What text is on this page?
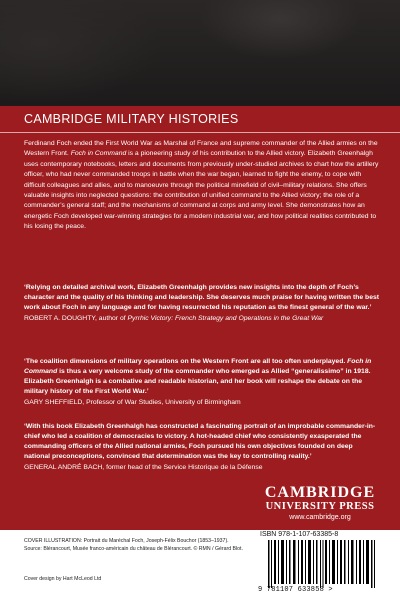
CAMBRIDGE MILITARY HISTORIES

Ferdinand Foch ended the First World War as Marshal of France and supreme commander of the Allied armies on the Western Front. Foch in Command is a pioneering study of his contribution to the Allied victory. Elizabeth Greenhalgh uses contemporary notebooks, letters and documents from previously under-studied archives to chart how the artillery officer, who had never commanded troops in battle when the war began, learned to fight the enemy, to cope with difficult colleagues and allies, and to manoeuvre through the political minefield of civil–military relations. She offers valuable insights into neglected questions: the contribution of unified command to the Allied victory; the role of a commander’s general staff; and the mechanisms of command at corps and army level. She demonstrates how an energetic Foch developed war-winning strategies for a modern industrial war, and how political realities contributed to his losing the peace.

‘Relying on detailed archival work, Elizabeth Greenhalgh provides new insights into the depth of Foch’s character and the quality of his thinking and leadership. She deserves much praise for having written the best work about Foch in any language and for having resurrected his reputation as the finest general of the war.’
ROBERT A. DOUGHTY, author of Pyrrhic Victory: French Strategy and Operations in the Great War

‘The coalition dimensions of military operations on the Western Front are all too often underplayed. Foch in Command is thus a very welcome study of the commander who emerged as Allied “generalissimo” in 1918. Elizabeth Greenhalgh is a combative and readable historian, and her book will reshape the debate on the military history of the First World War.’
GARY SHEFFIELD, Professor of War Studies, University of Birmingham

‘With this book Elizabeth Greenhalgh has constructed a fascinating portrait of an improbable commander-in-chief who led a coalition of democracies to victory. A hot-headed chief who consistently exasperated the commanding officers of the Allied national armies, Foch pursued his own objectives founded on deep national preconceptions, convinced that determination was the key to controlling reality.’
GENERAL ANDRÉ BACH, former head of the Service Historique de la Défense

CAMBRIDGE
UNIVERSITY PRESS
www.cambridge.org

COVER ILLUSTRATION: Portrait du Maréchal Foch, Joseph-Félix Bouchor (1853–1937). Source: Blérancourt, Musée franco-américain du château de Blérancourt. © RMN / Gérard Blot.

Cover design by Hart McLeod Ltd

ISBN 978-1-107-63385-8
9 781107 633858 >
